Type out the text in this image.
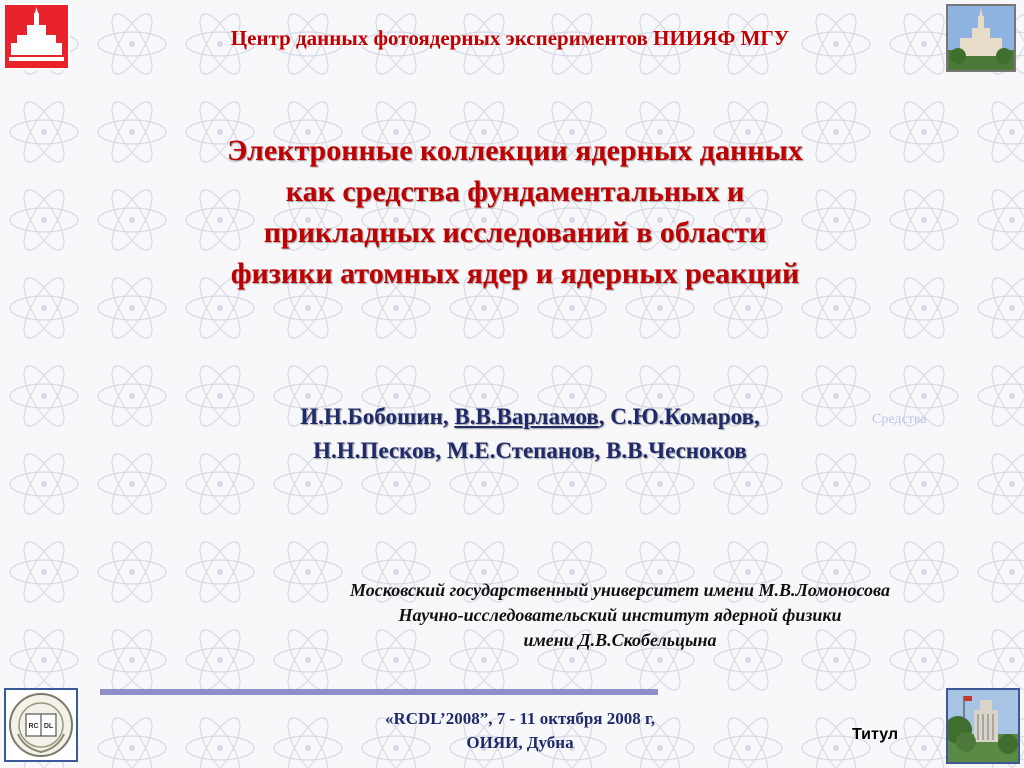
Центр данных фотоядерных экспериментов НИИЯФ МГУ
Электронные коллекции ядерных данных
как средства фундаментальных и
прикладных исследований в области
физики атомных ядер и ядерных реакций
И.Н.Бобошин, В.В.Варламов, С.Ю.Комаров,
Н.Н.Песков, М.Е.Степанов, В.В.Чесноков
Средства
Московский государственный университет имени М.В.Ломоносова
Научно-исследовательский институт ядерной физики
имени Д.В.Скобельцына
RC DL	«RCDL’2008”, 7 - 11 октября 2008 г,
ОИЯИ, Дубна	Титул
